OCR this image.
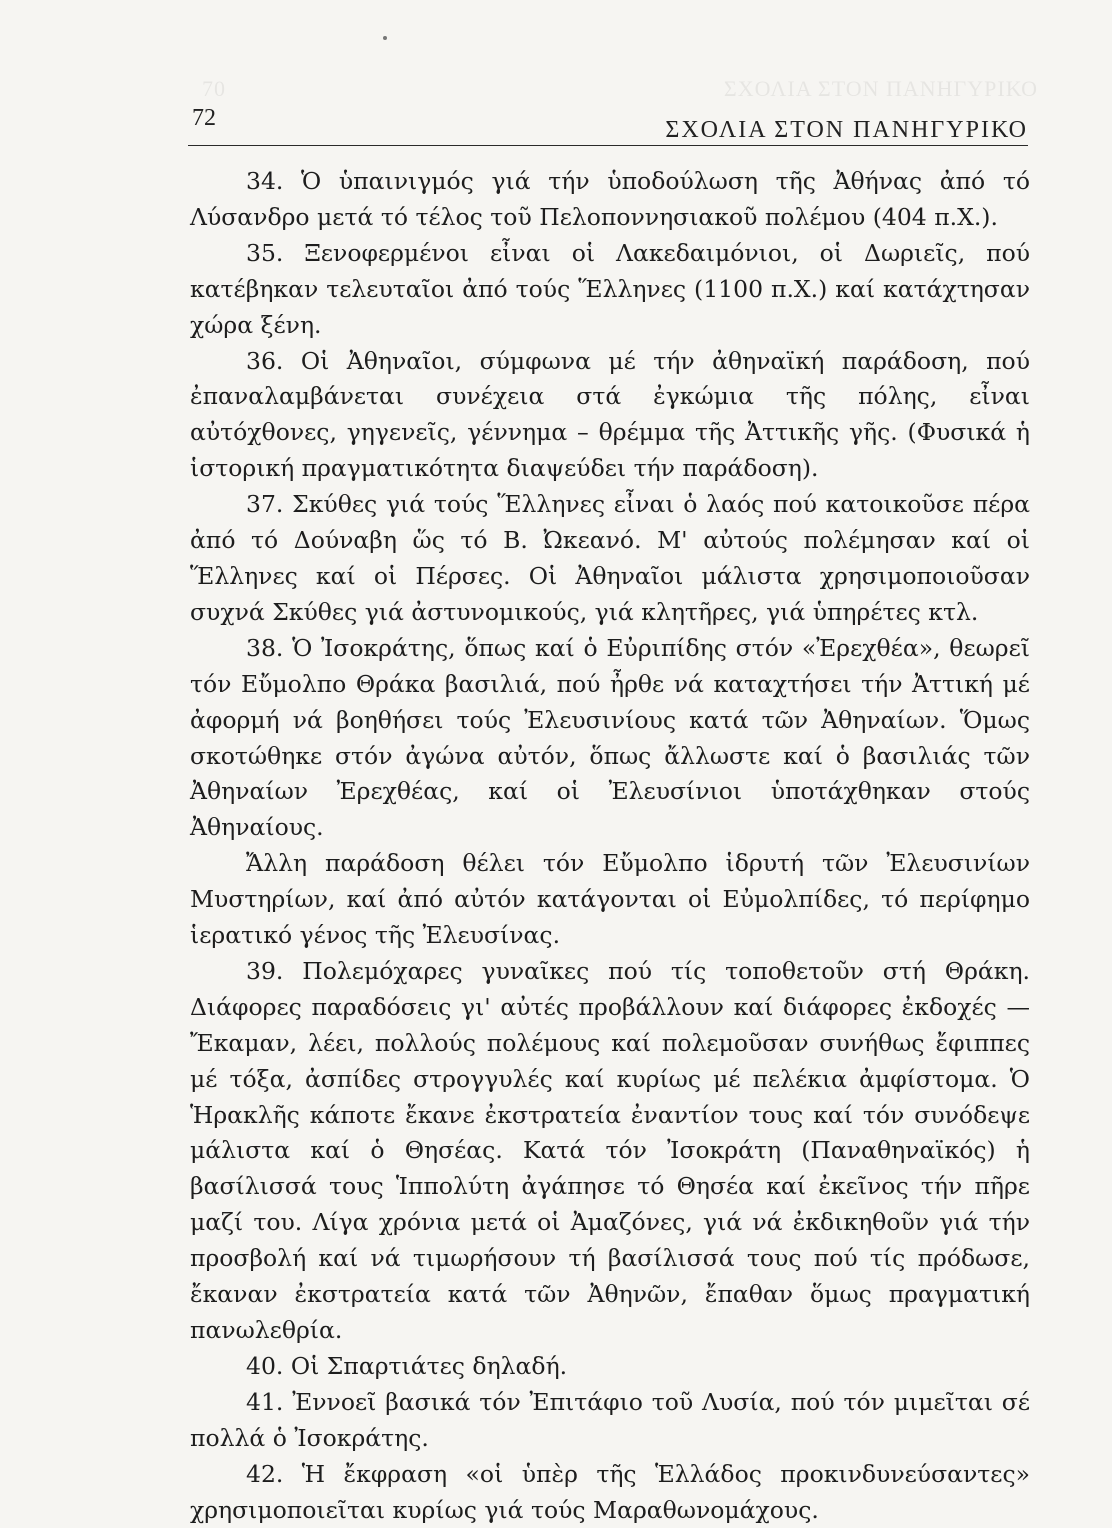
70	ΣΧΟΛΙΑ ΣΤΟΝ ΠΑΝΗΓΥΡΙΚΟ
72	ΣΧΟΛΙΑ ΣΤΟΝ ΠΑΝΗΓΥΡΙΚΟ

34. Ὁ ὑπαινιγμός γιά τήν ὑποδούλωση τῆς Ἀθήνας ἀπό τό Λύσανδρο μετά τό τέλος τοῦ Πελοποννησιακοῦ πολέμου (404 π.Χ.).

35. Ξενοφερμένοι εἶναι οἱ Λακεδαιμόνιοι, οἱ Δωριεῖς, πού κατέβηκαν τελευταῖοι ἀπό τούς Ἕλληνες (1100 π.Χ.) καί κατάχτησαν χώρα ξένη.

36. Οἱ Ἀθηναῖοι, σύμφωνα μέ τήν ἀθηναϊκή παράδοση, πού ἐπαναλαμβάνεται συνέχεια στά ἐγκώμια τῆς πόλης, εἶναι αὐτόχθονες, γηγενεῖς, γέννημα – θρέμμα τῆς Ἀττικῆς γῆς. (Φυσικά ἡ ἱστορική πραγματικότητα διαψεύδει τήν παράδοση).

37. Σκύθες γιά τούς Ἕλληνες εἶναι ὁ λαός πού κατοικοῦσε πέρα ἀπό τό Δούναβη ὥς τό Β. Ὠκεανό. Μ' αὐτούς πολέμησαν καί οἱ Ἕλληνες καί οἱ Πέρσες. Οἱ Ἀθηναῖοι μάλιστα χρησιμοποιοῦσαν συχνά Σκύθες γιά ἀστυνομικούς, γιά κλητῆρες, γιά ὑπηρέτες κτλ.

38. Ὁ Ἰσοκράτης, ὅπως καί ὁ Εὐριπίδης στόν «Ἐρεχθέα», θεωρεῖ τόν Εὔμολπο Θράκα βασιλιά, πού ἦρθε νά καταχτήσει τήν Ἀττική μέ ἀφορμή νά βοηθήσει τούς Ἐλευσινίους κατά τῶν Ἀθηναίων. Ὅμως σκοτώθηκε στόν ἀγώνα αὐτόν, ὅπως ἄλλωστε καί ὁ βασιλιάς τῶν Ἀθηναίων Ἐρεχθέας, καί οἱ Ἐλευσίνιοι ὑποτάχθηκαν στούς Ἀθηναίους.

Ἄλλη παράδοση θέλει τόν Εὔμολπο ἱδρυτή τῶν Ἐλευσινίων Μυστηρίων, καί ἀπό αὐτόν κατάγονται οἱ Εὐμολπίδες, τό περίφημο ἱερατικό γένος τῆς Ἐλευσίνας.

39. Πολεμόχαρες γυναῖκες πού τίς τοποθετοῦν στή Θράκη. Διάφορες παραδόσεις γι' αὐτές προβάλλουν καί διάφορες ἐκδοχές — Ἔκαμαν, λέει, πολλούς πολέμους καί πολεμοῦσαν συνήθως ἔφιππες μέ τόξα, ἀσπίδες στρογγυλές καί κυρίως μέ πελέκια ἀμφίστομα. Ὁ Ἡρακλῆς κάποτε ἔκανε ἐκστρατεία ἐναντίον τους καί τόν συνόδεψε μάλιστα καί ὁ Θησέας. Κατά τόν Ἰσοκράτη (Παναθηναϊκός) ἡ βασίλισσά τους Ἱππολύτη ἀγάπησε τό Θησέα καί ἐκεῖνος τήν πῆρε μαζί του. Λίγα χρόνια μετά οἱ Ἀμαζόνες, γιά νά ἐκδικηθοῦν γιά τήν προσβολή καί νά τιμωρήσουν τή βασίλισσά τους πού τίς πρόδωσε, ἔκαναν ἐκστρατεία κατά τῶν Ἀθηνῶν, ἔπαθαν ὅμως πραγματική πανωλεθρία.

40. Οἱ Σπαρτιάτες δηλαδή.

41. Ἐννοεῖ βασικά τόν Ἐπιτάφιο τοῦ Λυσία, πού τόν μιμεῖται σέ πολλά ὁ Ἰσοκράτης.

42. Ἡ ἔκφραση «οἱ ὑπὲρ τῆς Ἑλλάδος προκινδυνεύσαντες» χρησιμοποιεῖται κυρίως γιά τούς Μαραθωνομάχους.
